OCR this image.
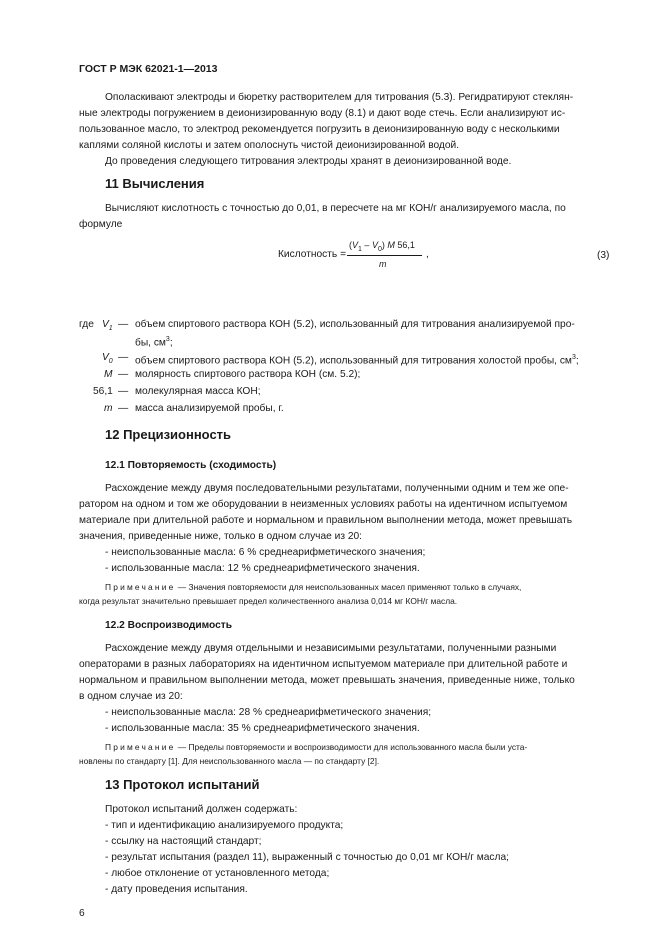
ГОСТ Р МЭК 62021-1—2013
Ополаскивают электроды и бюретку растворителем для титрования (5.3). Регидратируют стеклян-
ные электроды погружением в деионизированную воду (8.1) и дают воде стечь. Если анализируют ис-
пользованное масло, то электрод рекомендуется погрузить в деионизированную воду с несколькими
каплями соляной кислоты и затем ополоснуть чистой деионизированной водой.
До проведения следующего титрования электроды хранят в деионизированной воде.
11 Вычисления
Вычисляют кислотность с точностью до 0,01, в пересчете на мг КОН/г анализируемого масла, по
формуле
Кислотность =
$(V_1 - V_0)$ M 56,1
m
,	(3)
где $V_1$ — объем спиртового раствора КОН (5.2), использованный для титрования анализируемой про-
бы, $см^3$;
$V_0$ — объем спиртового раствора КОН (5.2), использованный для титрования холостой пробы, $см^3$;
M — молярность спиртового раствора КОН (см. 5.2);
56,1 — молекулярная масса КОН;
m — масса анализируемой пробы, г.
12 Прецизионность
12.1 Повторяемость (сходимость)
Расхождение между двумя последовательными результатами, полученными одним и тем же опе-
ратором на одном и том же оборудовании в неизменных условиях работы на идентичном испытуемом
материале при длительной работе и нормальном и правильном выполнении метода, может превышать
значения, приведенные ниже, только в одном случае из 20:
- неиспользованные масла: 6 % среднеарифметического значения;
- использованные масла: 12 % среднеарифметического значения.
Примечание — Значения повторяемости для неиспользованных масел применяют только в случаях,
когда результат значительно превышает предел количественного анализа 0,014 мг КОН/г масла.
12.2 Воспроизводимость
Расхождение между двумя отдельными и независимыми результатами, полученными разными
операторами в разных лабораториях на идентичном испытуемом материале при длительной работе и
нормальном и правильном выполнении метода, может превышать значения, приведенные ниже, только
в одном случае из 20:
- неиспользованные масла: 28 % среднеарифметического значения;
- использованные масла: 35 % среднеарифметического значения.
Примечание — Пределы повторяемости и воспроизводимости для использованного масла были уста-
новлены по стандарту [1]. Для неиспользованного масла — по стандарту [2].
13 Протокол испытаний
Протокол испытаний должен содержать:
- тип и идентификацию анализируемого продукта;
- ссылку на настоящий стандарт;
- результат испытания (раздел 11), выраженный с точностью до 0,01 мг КОН/г масла;
- любое отклонение от установленного метода;
- дату проведения испытания.
6
